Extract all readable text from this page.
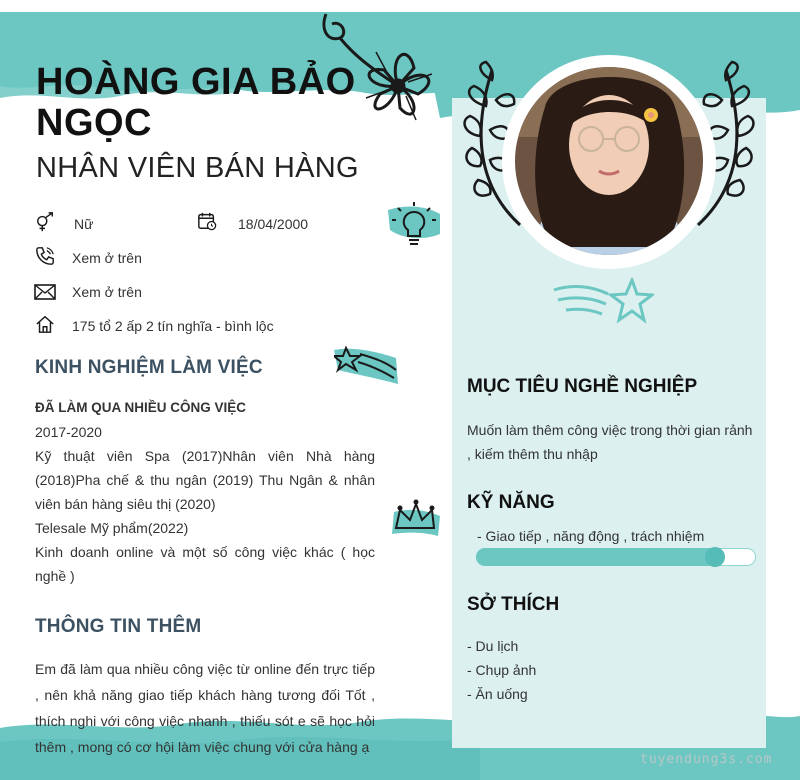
HOÀNG GIA BẢO
NGỌC
NHÂN VIÊN BÁN HÀNG
Nữ	18/04/2000
Xem ở trên
Xem ở trên
175 tổ 2 ấp 2 tín nghĩa - bình lộc
KINH NGHIỆM LÀM VIỆC
ĐÃ LÀM QUA NHIỀU CÔNG VIỆC
2017-2020
Kỹ thuật viên Spa (2017)Nhân viên Nhà hàng (2018)Pha chế & thu ngân (2019) Thu Ngân & nhân viên bán hàng siêu thị (2020)
Telesale Mỹ phẩm(2022)
Kinh doanh online và một số công việc khác ( học nghề )
THÔNG TIN THÊM
Em đã làm qua nhiều công việc từ online đến trực tiếp , nên khả năng giao tiếp khách hàng tương đối Tốt , thích nghi với công việc nhanh , thiếu sót e sẽ học hỏi thêm , mong có cơ hội làm việc chung với cửa hàng ạ
MỤC TIÊU NGHỀ NGHIỆP
Muốn làm thêm công việc trong thời gian rảnh , kiếm thêm thu nhập
KỸ NĂNG
- Giao tiếp , năng động , trách nhiệm
SỞ THÍCH
- Du lịch
- Chụp ảnh
- Ăn uống
tuyendung3s.com
